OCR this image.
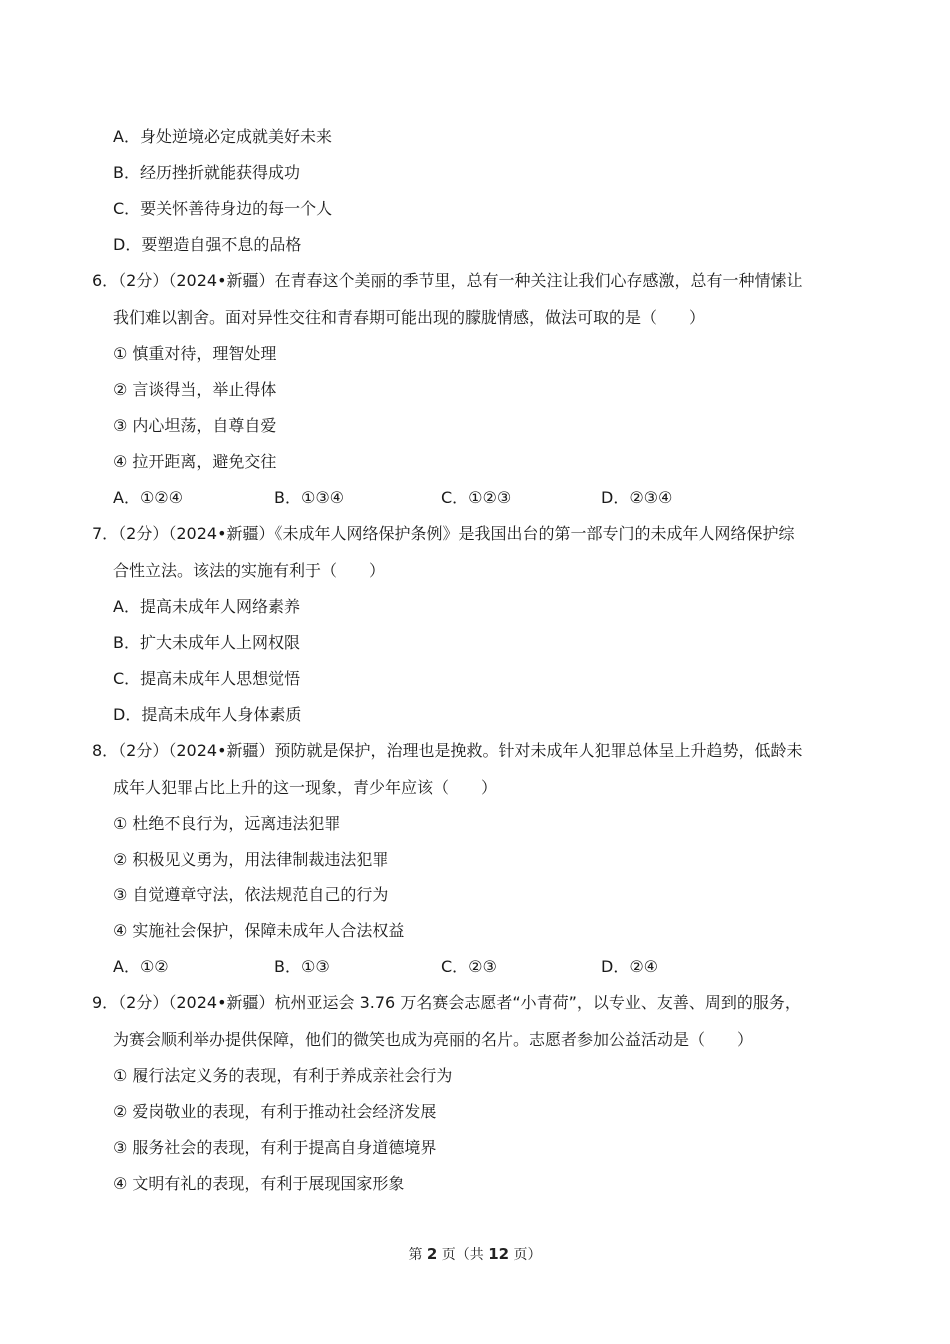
A．身处逆境必定成就美好未来
B．经历挫折就能获得成功
C．要关怀善待身边的每一个人
D．要塑造自强不息的品格
6．（2分）（2024•新疆）在青春这个美丽的季节里，总有一种关注让我们心存感激，总有一种情愫让
我们难以割舍。面对异性交往和青春期可能出现的朦胧情感，做法可取的是（　　）
① 慎重对待，理智处理
② 言谈得当，举止得体
③ 内心坦荡，自尊自爱
④ 拉开距离，避免交往
A．①②④	B．①③④	C．①②③	D．②③④
7．（2分）（2024•新疆）《未成年人网络保护条例》是我国出台的第一部专门的未成年人网络保护综
合性立法。该法的实施有利于（　　）
A．提高未成年人网络素养
B．扩大未成年人上网权限
C．提高未成年人思想觉悟
D．提高未成年人身体素质
8．（2分）（2024•新疆）预防就是保护，治理也是挽救。针对未成年人犯罪总体呈上升趋势，低龄未
成年人犯罪占比上升的这一现象，青少年应该（　　）
① 杜绝不良行为，远离违法犯罪
② 积极见义勇为，用法律制裁违法犯罪
③ 自觉遵章守法，依法规范自己的行为
④ 实施社会保护，保障未成年人合法权益
A．①②	B．①③	C．②③	D．②④
9．（2分）（2024•新疆）杭州亚运会 3.76 万名赛会志愿者“小青荷”，以专业、友善、周到的服务，
为赛会顺利举办提供保障，他们的微笑也成为亮丽的名片。志愿者参加公益活动是（　　）
① 履行法定义务的表现，有利于养成亲社会行为
② 爱岗敬业的表现，有利于推动社会经济发展
③ 服务社会的表现，有利于提高自身道德境界
④ 文明有礼的表现，有利于展现国家形象
第 2 页（共 12 页）
